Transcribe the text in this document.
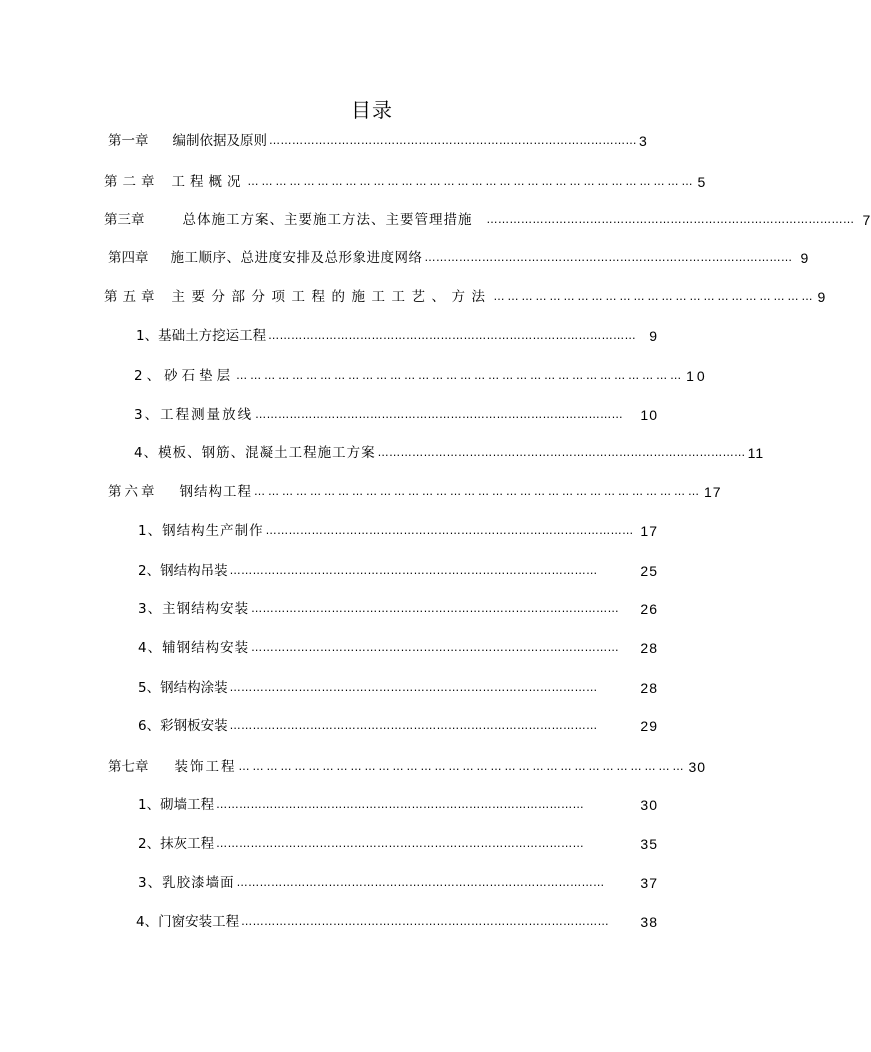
目录
第一章 编制依据及原则 …………………………………………………………………………………… 3
第二章 工程概况 …………………………………………………………………………………… 5
第三章	总体施工方案、主要施工方法、主要管理措施 …………………………………………………………………………………… 7
第四章 施工顺序、总进度安排及总形象进度网络 …………………………………………………………………………………… 9
第五章 主要分部分项工程的施工工艺、方法 …………………………………………………………… 9
1、基础土方挖运工程 …………………………………………………………………………………… 9
2、砂石垫层 …………………………………………………………………………………… 10
3、工程测量放线 ……………………………………………………………………………………	10
4、模板、钢筋、混凝土工程施工方案 …………………………………………………………………………………… 11
第六章 钢结构工程 …………………………………………………………………………………… 17
1、钢结构生产制作 …………………………………………………………………………………… 17
2、钢结构吊装 ……………………………………………………………………………………	25
3、主钢结构安装 ……………………………………………………………………………………	26
4、辅钢结构安装 ……………………………………………………………………………………	28
5、钢结构涂装 ……………………………………………………………………………………	28
6、彩钢板安装 ……………………………………………………………………………………	29
第七章 装饰工程 …………………………………………………………………………………… 30
1、砌墙工程 ……………………………………………………………………………………	30
2、抹灰工程 ……………………………………………………………………………………	35
3、乳胶漆墙面 ……………………………………………………………………………………	37
4、门窗安装工程 ……………………………………………………………………………………	38
